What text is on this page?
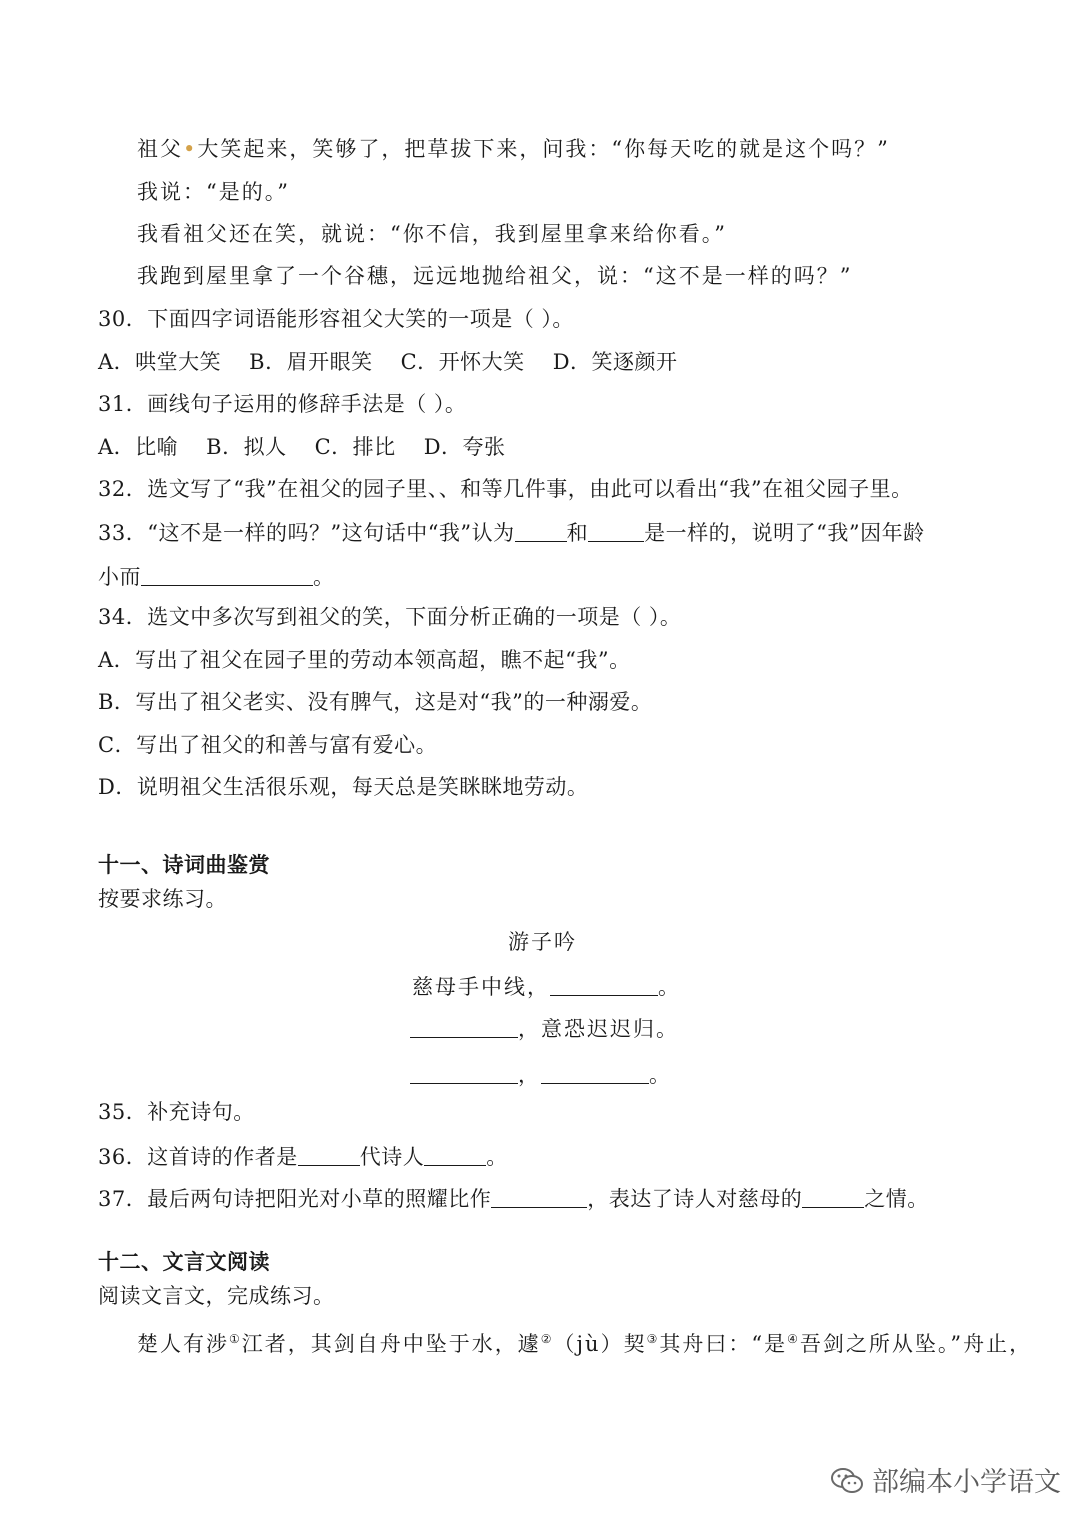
祖父•大笑起来，笑够了，把草拔下来，问我：“你每天吃的就是这个吗？”
我说：“是的。”
我看祖父还在笑，就说：“你不信，我到屋里拿来给你看。”
我跑到屋里拿了一个谷穗，远远地抛给祖父，说：“这不是一样的吗？”
30．下面四字词语能形容祖父大笑的一项是（ ）。
A．哄堂大笑 B．眉开眼笑 C．开怀大笑 D．笑逐颜开
31．画线句子运用的修辞手法是（ ）。
A．比喻 B．拟人 C．排比 D．夸张
32．选文写了“我”在祖父的园子里、、和等几件事，由此可以看出“我”在祖父园子里。
33．“这不是一样的吗？”这句话中“我”认为 和	是一样的，说明了“我”因年龄
小而	。
34．选文中多次写到祖父的笑，下面分析正确的一项是（ ）。
A．写出了祖父在园子里的劳动本领高超，瞧不起“我”。
B．写出了祖父老实、没有脾气，这是对“我”的一种溺爱。
C．写出了祖父的和善与富有爱心。
D．说明祖父生活很乐观，每天总是笑眯眯地劳动。
十一、诗词曲鉴赏
按要求练习。
游子吟
慈母手中线，	。
，意恐迟迟归。
，	。
35．补充诗句。
36．这首诗的作者是	代诗人	。
37．最后两句诗把阳光对小草的照耀比作	，表达了诗人对慈母的	之情。
十二、文言文阅读
阅读文言文，完成练习。
楚人有涉①江者，其剑自舟中坠于水，遽②（jù）契③其舟曰：“是④吾剑之所从坠。”舟止，
部编本小学语文
